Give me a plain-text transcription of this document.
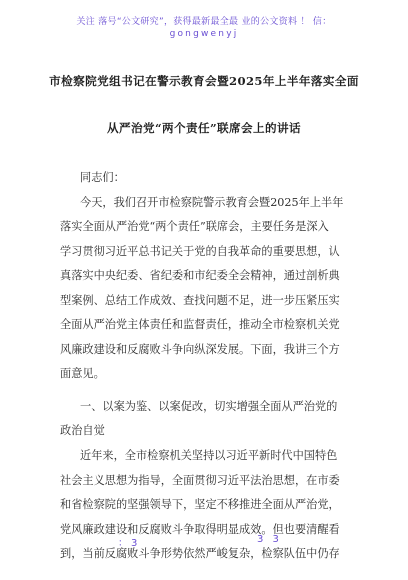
关注 落号“公文研究”，获得最新最全最 业的公文资料 ！ 信：
gongwenyj
市检察院党组书记在警示教育会暨2025年上半年落实全面
从严治党“两个责任”联席会上的讲话
同志们：
今天，我们召开市检察院警示教育会暨2025年上半年
落实全面从严治党“两个责任”联席会，主要任务是深入
学习贯彻习近平总书记关于党的自我革命的重要思想，认
真落实中央纪委、省纪委和市纪委全会精神，通过剖析典
型案例、总结工作成效、查找问题不足，进一步压紧压实
全面从严治党主体责任和监督责任，推动全市检察机关党
风廉政建设和反腐败斗争向纵深发展。下面，我讲三个方
面意见。
一、以案为鉴、以案促改，切实增强全面从严治党的
政治自觉
近年来，全市检察机关坚持以习近平新时代中国特色
社会主义思想为指导，全面贯彻习近平法治思想，在市委
和省检察院的坚强领导下，坚定不移推进全面从严治党，
党风廉政建设和反腐败斗争取得明显成效。但也要清醒看
到，当前反腐败斗争形势依然严峻复杂，检察队伍中仍存
：3	3 3
